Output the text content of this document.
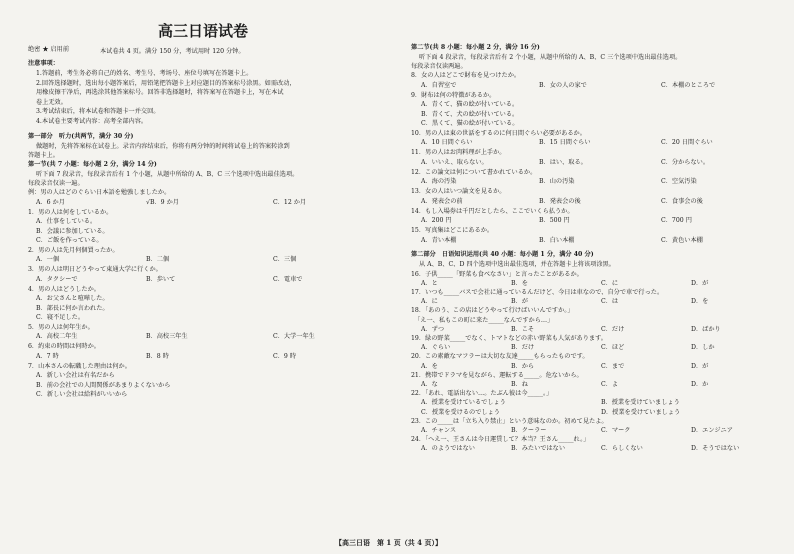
绝密 ★ 启用前
高三日语试卷
本试卷共 4 页。满分 150 分，考试用时 120 分钟。
注意事项：
1.答题前，考生务必将自己的姓名、考生号、考场号、座位号填写在答题卡上。
2.回答选择题时，选出每小题答案后，用铅笔把答题卡上对应题目的答案标号涂黑。如需改动，
用橡皮擦干净后，再选涂其他答案标号。回答非选择题时，将答案写在答题卡上，写在本试
卷上无效。
3.考试结束后，将本试卷和答题卡一并交回。
4.本试卷主要考试内容：高考全部内容。
第一部分　听力(共两节，满分 30 分)
做题时，先将答案标在试卷上。录音内容结束后，你将有两分钟的时间将试卷上的答案转涂到
答题卡上。
第一节(共 7 小题：每小题 2 分，满分 14 分)
听下面 7 段录音，每段录音后有 1 个小题，从题中所给的 A、B、C 三个选项中选出最佳选项。
每段录音仅读一遍。
例：男の人はどのぐらい日本語を勉強しましたか。
A．6 か月	√B．9 か月	C．12 か月
1．男の人は何をしているか。
A．仕事をしている。
B．会議に参加している。
C．ご飯を作っている。
2．男の人は先月何個買ったか。
A．一個	B．二個	C．三個
3．男の人は明日どうやって東通大学に行くか。
A．タクシーで	B．歩いて	C．電車で
4．男の人はどうしたか。
A．お父さんと喧嘩した。
B．部長に何か言われた。
C．寝不足した。
5．男の人は何年生か。
A．高校二年生	B．高校三年生	C．大学一年生
6．約束の時間は何時か。
A．7 時	B．8 時	C．9 時
7．山本さんの転職した理由は何か。
A．新しい会社は有名だから
B．前の会社での人間関係があまりよくないから
C．新しい会社は給料がいいから
第二节(共 8 小题：每小题 2 分，满分 16 分)
听下面 4 段录音，每段录音后有 2 个小题，从题中所给的 A、B、C 三个选项中选出最佳选项。
每段录音仅读两遍。
8．女の人はどこで財布を見つけたか。
A．自習室で	B．女の人の家で	C．本棚のところで
9．財布は何の特徴があるか。
A．青くて、猫の絵が付いている。
B．青くて、犬の絵が付いている。
C．黒くて、猫の絵が付いている。
10．男の人は東の世話をするのに何日間ぐらい必要があるか。
A．10 日間ぐらい	B．15 日間ぐらい	C．20 日間ぐらい
11．男の人はお肉料理が上手か。
A．いいえ、取らない。	B．はい、取る。	C．分からない。
12．この論文は何について書かれているか。
A．海の汚染	B．山の汚染	C．空気汚染
13．女の人はいつ論文を見るか。
A．発表会の前	B．発表会の後	C．食事会の後
14．もし入場券は千円だとしたら、ここでいくら払うか。
A．200 円	B．500 円	C．700 円
15．写真集はどこにあるか。
A．青い本棚	B．白い本棚	C．黄色い本棚
第二部分　日语知识运用(共 40 小题：每小题 1 分，满分 40 分)
从 A、B、C、D 四个选项中选出最佳选项，并在答题卡上将该项涂黑。
16．子供_____「野菜も食べなさい」と言ったことがあるか。
A．と	B．を	C．に	D．が
17．いつも_____バスで会社に通っているんだけど、今日は車なので、自分で車で行った。
A．に	B．が	C．は	D．を
18．「あのう、この店はどうやって行けばいいんですか。」
　「え一、私もこの町に来た_____なんですから…」
A．ずつ	B．こそ	C．だけ	D．ばかり
19．緑の野菜_____でなく、トマトなどの赤い野菜も人気があります。
A．ぐらい	B．だけ	C．ほど	D．しか
20．この素敵なマフラーは大切な友達_____もらったものです。
A．を	B．から	C．まで	D．が
21．携帯でドラマを見ながら、運転する_____。危ないから。
A．な	B．ね	C．よ	D．か
22．「あれ、電話出ない…。たぶん彼は今_____。」
A．授業を受けているでしょう	B．授業を受けていましょう
C．授業を受けるのでしょう	D．授業を受けていましょう
23．この_____は「立ち入り禁止」という意味なのか。初めて見たよ。
A．チャンス	B．クーラー	C．マーク	D．エンジニア
24．「へえ一、王さんは今日運賃して？本当？王さん_____れ。」
A．のようではない	B．みたいではない	C．らしくない	D．そうではない
【高三日语　第 1 页（共 4 页）】
